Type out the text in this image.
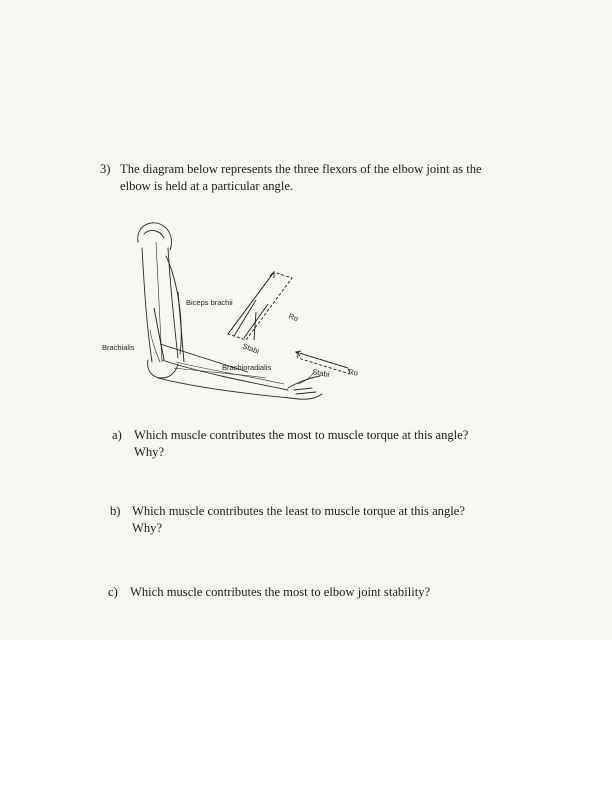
3) The diagram below represents the three flexors of the elbow joint as the
elbow is held at a particular angle.
Biceps brachii
Brachialis
Brachioradialis
Ro
Stabi
Stabi Ro
a) Which muscle contributes the most to muscle torque at this angle?
Why?
b) Which muscle contributes the least to muscle torque at this angle?
Why?
c) Which muscle contributes the most to elbow joint stability?
